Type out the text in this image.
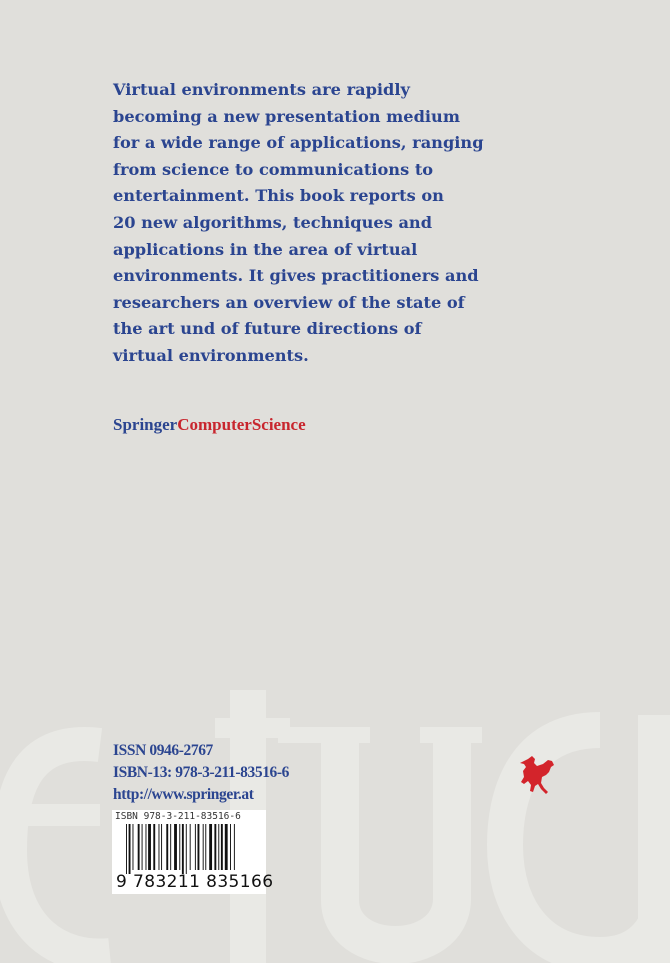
Virtual environments are rapidly
becoming a new presentation medium
for a wide range of applications, ranging
from science to communications to
entertainment. This book reports on
20 new algorithms, techniques and
applications in the area of virtual
environments. It gives practitioners and
researchers an overview of the state of
the art und of future directions of
virtual environments.
SpringerComputerScience
ISSN 0946-2767
ISBN-13: 978-3-211-83516-6
http://www.springer.at
ISBN 978-3-211-83516-6
9 783211 835166
